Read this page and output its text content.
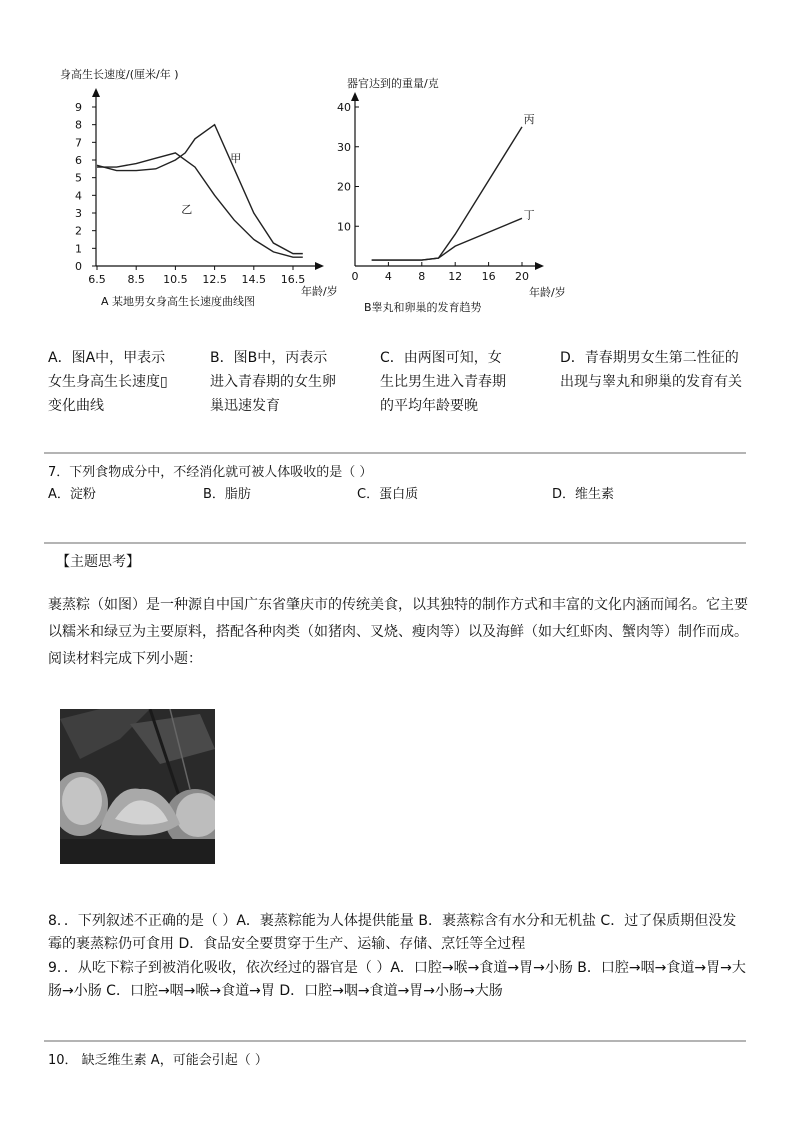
身高生长速度/(厘米/年 )
0
1
2
3
4
5
6
7
8
9
6.5 8.5 10.5 12.5 14.5 16.5
甲
乙
年龄/岁
A 某地男女身高生长速度曲线图
器官达到的重量/克
10
20
30
40
0 4 8 12 16 20
丙
丁
年龄/岁
B睾丸和卵巢的发育趋势
A．图A中，甲表示女生身高生长速度▯变化曲线
B．图B中，丙表示进入青春期的女生卵巢迅速发育
C．由两图可知，女生比男生进入青春期的平均年龄要晚
D．青春期男女生第二性征的出现与睾丸和卵巢的发育有关
7．下列食物成分中，不经消化就可被人体吸收的是（ ）
A．淀粉	B．脂肪	C．蛋白质	D．维生素
【主题思考】
裹蒸粽（如图）是一种源自中国广东省肇庆市的传统美食，以其独特的制作方式和丰富的文化内涵而闻名。它主要以糯米和绿豆为主要原料，搭配各种肉类（如猪肉、叉烧、瘦肉等）以及海鲜（如大红虾肉、蟹肉等）制作而成。阅读材料完成下列小题：
8．．下列叙述不正确的是（ ）A．裹蒸粽能为人体提供能量 B．裹蒸粽含有水分和无机盐 C．过了保质期但没发霉的裹蒸粽仍可食用 D．食品安全要贯穿于生产、运输、存储、烹饪等全过程
9．．从吃下粽子到被消化吸收，依次经过的器官是（ ）A．口腔→喉→食道→胃→小肠 B．口腔→咽→食道→胃→大肠→小肠 C．口腔→咽→喉→食道→胃 D．口腔→咽→食道→胃→小肠→大肠
10． 缺乏维生素 A，可能会引起（ ）
